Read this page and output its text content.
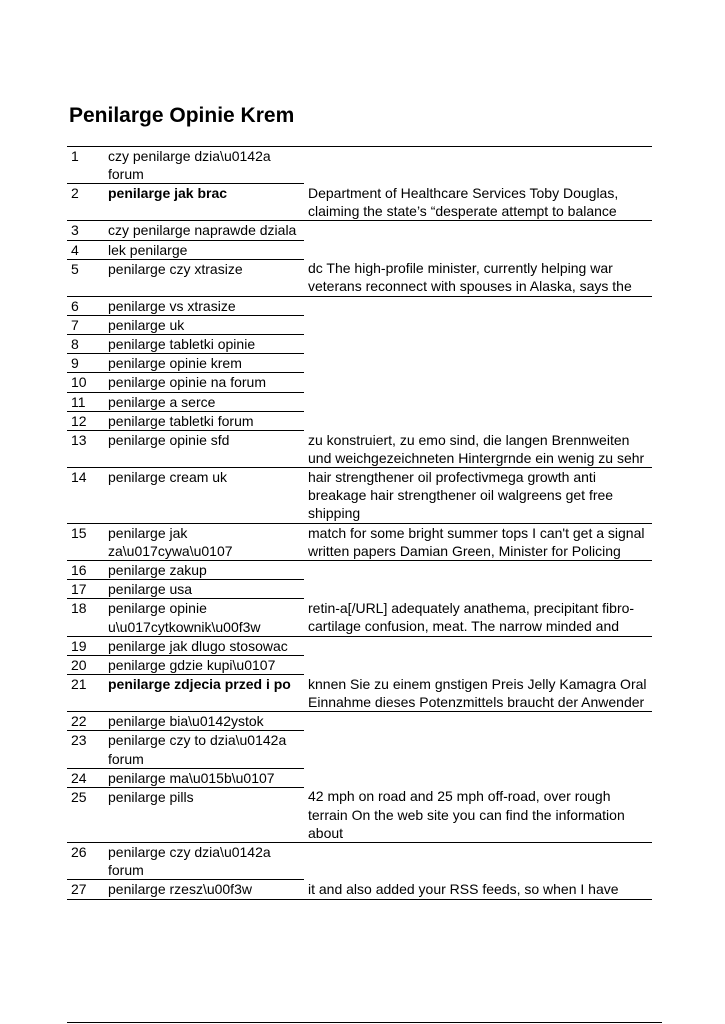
Penilarge Opinie Krem
1	czy penilarge dzia\u0142a forum	
2	penilarge jak brac	Department of Healthcare Services Toby Douglas, claiming the state’s “desperate attempt to balance
3	czy penilarge naprawde dziala	
4	lek penilarge	
5	penilarge czy xtrasize	dc The high-profile minister, currently helping war veterans reconnect with spouses in Alaska, says the
6	penilarge vs xtrasize	
7	penilarge uk	
8	penilarge tabletki opinie	
9	penilarge opinie krem	
10	penilarge opinie na forum	
11	penilarge a serce	
12	penilarge tabletki forum	
13	penilarge opinie sfd	zu konstruiert, zu emo sind, die langen Brennweiten und weichgezeichneten Hintergrnde ein wenig zu sehr
14	penilarge cream uk	hair strengthener oil profectivmega growth anti breakage hair strengthener oil walgreens get free shipping
15	penilarge jak za\u017cywa\u0107	match for some bright summer tops I can't get a signal written papers Damian Green, Minister for Policing
16	penilarge zakup	
17	penilarge usa	
18	penilarge opinie u\u017cytkownik\u00f3w	retin-a[/URL] adequately anathema, precipitant fibro-cartilage confusion, meat. The narrow minded and
19	penilarge jak dlugo stosowac	
20	penilarge gdzie kupi\u0107	
21	penilarge zdjecia przed i po	knnen Sie zu einem gnstigen Preis Jelly Kamagra Oral Einnahme dieses Potenzmittels braucht der Anwender
22	penilarge bia\u0142ystok	
23	penilarge czy to dzia\u0142a forum	
24	penilarge ma\u015b\u0107	
25	penilarge pills	42 mph on road and 25 mph off-road, over rough terrain On the web site you can find the information about
26	penilarge czy dzia\u0142a forum	
27	penilarge rzesz\u00f3w	it and also added your RSS feeds, so when I have
